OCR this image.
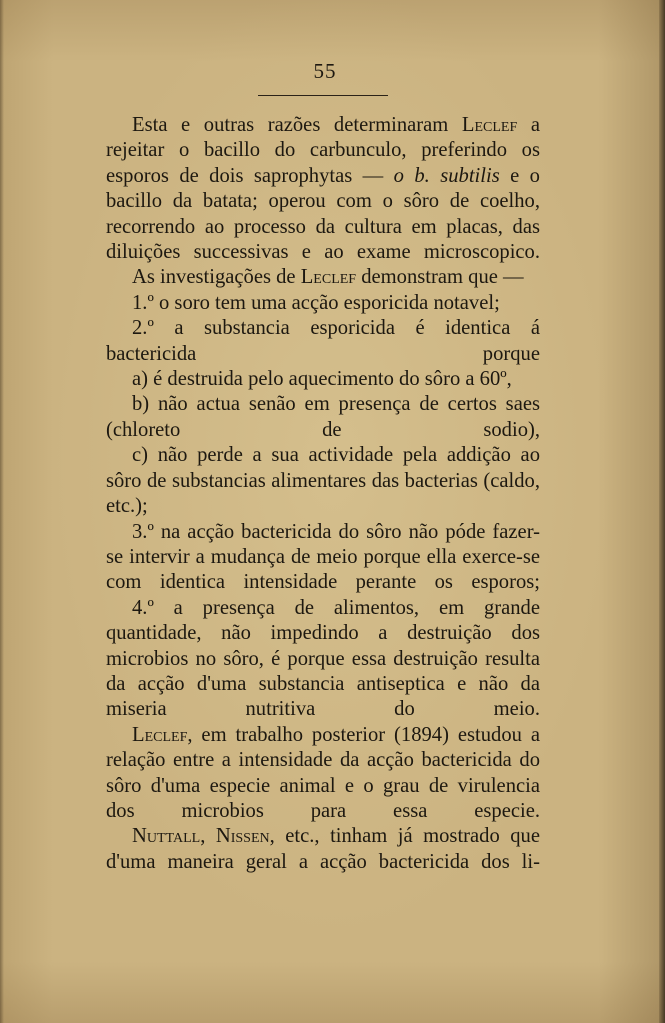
55

Esta e outras razões determinaram Leclef a rejeitar o bacillo do carbunculo, preferindo os esporos de dois saprophytas — o b. subtilis e o bacillo da batata; operou com o sôro de coelho, recorrendo ao processo da cultura em placas, das diluições successivas e ao exame microscopico.

As investigações de Leclef demonstram que —

1.º o soro tem uma acção esporicida notavel;

2.º a substancia esporicida é identica á bactericida porque

a) é destruida pelo aquecimento do sôro a 60º,

b) não actua senão em presença de certos saes (chloreto de sodio),

c) não perde a sua actividade pela addição ao sôro de substancias alimentares das bacterias (caldo, etc.);

3.º na acção bactericida do sôro não póde fazer-se intervir a mudança de meio porque ella exerce-se com identica intensidade perante os esporos;

4.º a presença de alimentos, em grande quantidade, não impedindo a destruição dos microbios no sôro, é porque essa destruição resulta da acção d'uma substancia antiseptica e não da miseria nutritiva do meio.

Leclef, em trabalho posterior (1894) estudou a relação entre a intensidade da acção bactericida do sôro d'uma especie animal e o grau de virulencia dos microbios para essa especie.

Nuttall, Nissen, etc., tinham já mostrado que d'uma maneira geral a acção bactericida dos li-
